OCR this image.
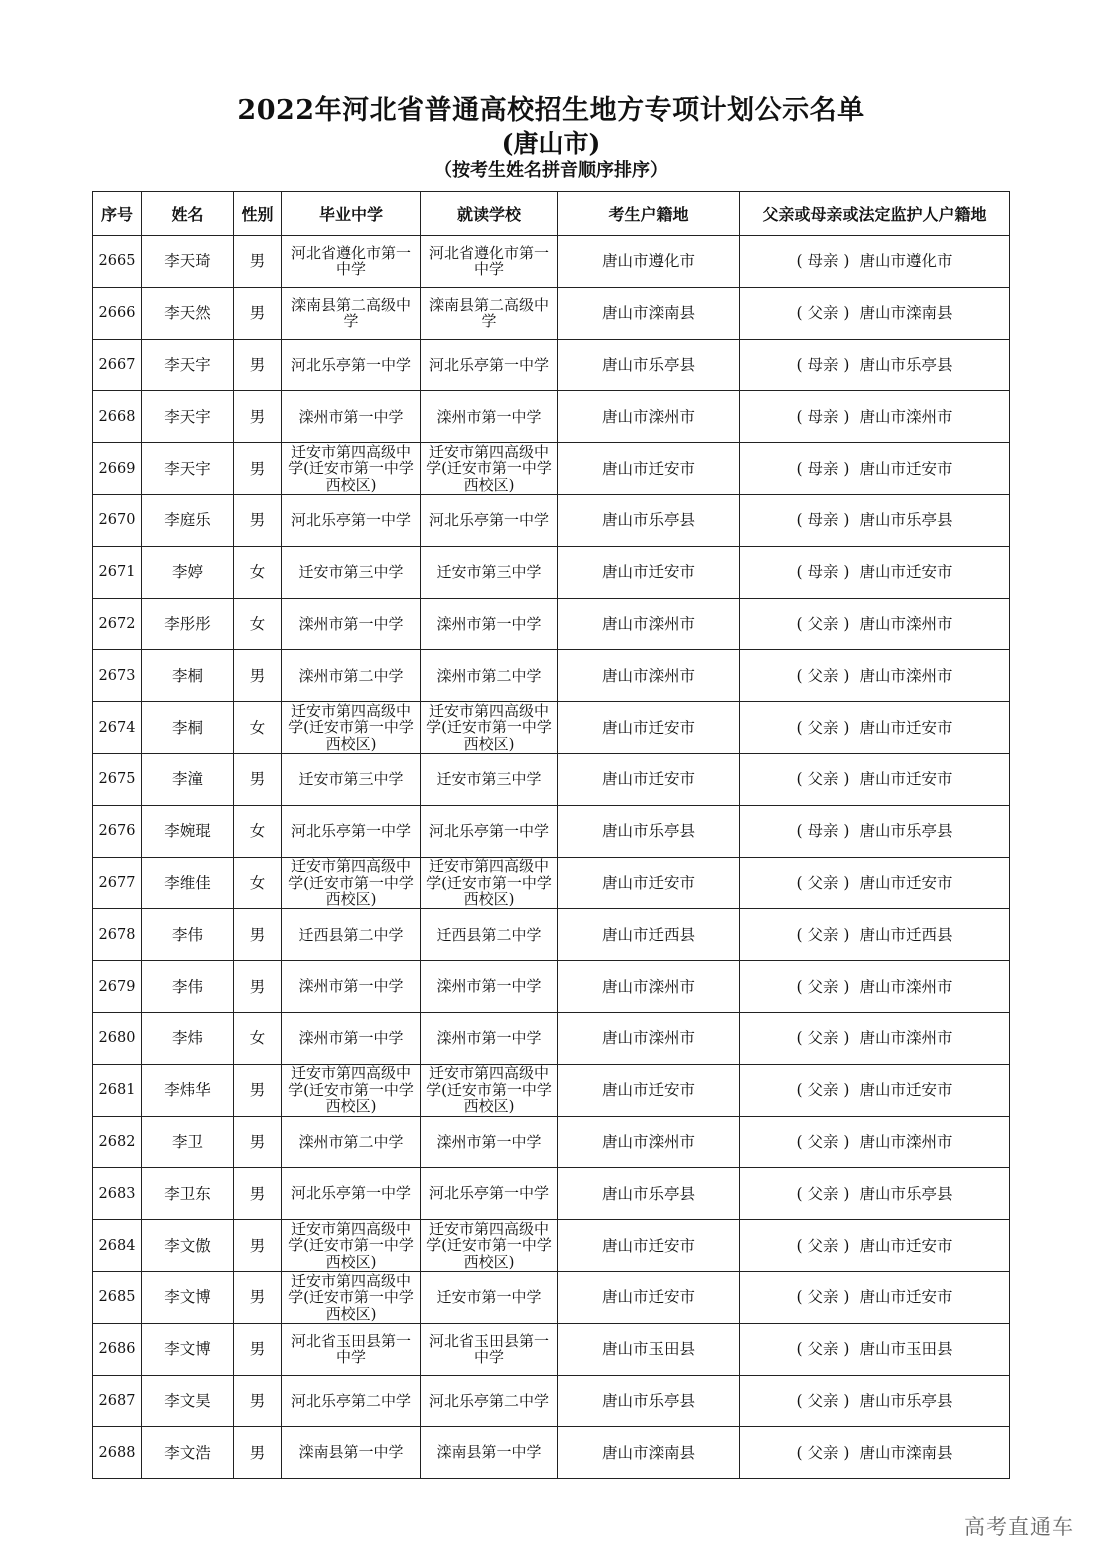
2022年河北省普通高校招生地方专项计划公示名单
(唐山市)
（按考生姓名拼音顺序排序）
序号	姓名	性别	毕业中学	就读学校	考生户籍地	父亲或母亲或法定监护人户籍地
2665	李天琦	男	河北省遵化市第一中学	河北省遵化市第一中学	唐山市遵化市	( 母亲 ) 唐山市遵化市
2666	李天然	男	滦南县第二高级中学	滦南县第二高级中学	唐山市滦南县	( 父亲 ) 唐山市滦南县
2667	李天宇	男	河北乐亭第一中学	河北乐亭第一中学	唐山市乐亭县	( 母亲 ) 唐山市乐亭县
2668	李天宇	男	滦州市第一中学	滦州市第一中学	唐山市滦州市	( 母亲 ) 唐山市滦州市
2669	李天宇	男	迁安市第四高级中学(迁安市第一中学西校区)	迁安市第四高级中学(迁安市第一中学西校区)	唐山市迁安市	( 母亲 ) 唐山市迁安市
2670	李庭乐	男	河北乐亭第一中学	河北乐亭第一中学	唐山市乐亭县	( 母亲 ) 唐山市乐亭县
2671	李婷	女	迁安市第三中学	迁安市第三中学	唐山市迁安市	( 母亲 ) 唐山市迁安市
2672	李彤彤	女	滦州市第一中学	滦州市第一中学	唐山市滦州市	( 父亲 ) 唐山市滦州市
2673	李桐	男	滦州市第二中学	滦州市第二中学	唐山市滦州市	( 父亲 ) 唐山市滦州市
2674	李桐	女	迁安市第四高级中学(迁安市第一中学西校区)	迁安市第四高级中学(迁安市第一中学西校区)	唐山市迁安市	( 父亲 ) 唐山市迁安市
2675	李潼	男	迁安市第三中学	迁安市第三中学	唐山市迁安市	( 父亲 ) 唐山市迁安市
2676	李婉琨	女	河北乐亭第一中学	河北乐亭第一中学	唐山市乐亭县	( 母亲 ) 唐山市乐亭县
2677	李维佳	女	迁安市第四高级中学(迁安市第一中学西校区)	迁安市第四高级中学(迁安市第一中学西校区)	唐山市迁安市	( 父亲 ) 唐山市迁安市
2678	李伟	男	迁西县第二中学	迁西县第二中学	唐山市迁西县	( 父亲 ) 唐山市迁西县
2679	李伟	男	滦州市第一中学	滦州市第一中学	唐山市滦州市	( 父亲 ) 唐山市滦州市
2680	李炜	女	滦州市第一中学	滦州市第一中学	唐山市滦州市	( 父亲 ) 唐山市滦州市
2681	李炜华	男	迁安市第四高级中学(迁安市第一中学西校区)	迁安市第四高级中学(迁安市第一中学西校区)	唐山市迁安市	( 父亲 ) 唐山市迁安市
2682	李卫	男	滦州市第二中学	滦州市第一中学	唐山市滦州市	( 父亲 ) 唐山市滦州市
2683	李卫东	男	河北乐亭第一中学	河北乐亭第一中学	唐山市乐亭县	( 父亲 ) 唐山市乐亭县
2684	李文傲	男	迁安市第四高级中学(迁安市第一中学西校区)	迁安市第四高级中学(迁安市第一中学西校区)	唐山市迁安市	( 父亲 ) 唐山市迁安市
2685	李文博	男	迁安市第四高级中学(迁安市第一中学西校区)	迁安市第一中学	唐山市迁安市	( 父亲 ) 唐山市迁安市
2686	李文博	男	河北省玉田县第一中学	河北省玉田县第一中学	唐山市玉田县	( 父亲 ) 唐山市玉田县
2687	李文昊	男	河北乐亭第二中学	河北乐亭第二中学	唐山市乐亭县	( 父亲 ) 唐山市乐亭县
2688	李文浩	男	滦南县第一中学	滦南县第一中学	唐山市滦南县	( 父亲 ) 唐山市滦南县
高考直通车
